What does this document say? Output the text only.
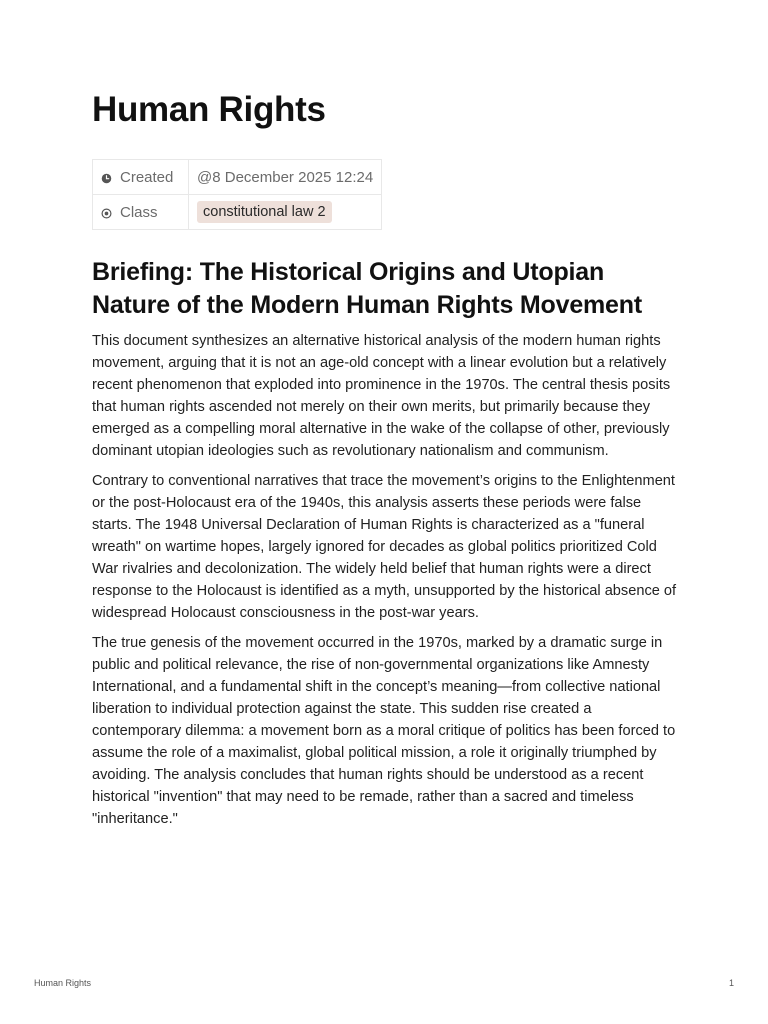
Human Rights
Created	@8 December 2025 12:24
Class	constitutional law 2
Briefing: The Historical Origins and Utopian Nature of the Modern Human Rights Movement

This document synthesizes an alternative historical analysis of the modern human rights movement, arguing that it is not an age-old concept with a linear evolution but a relatively recent phenomenon that exploded into prominence in the 1970s. The central thesis posits that human rights ascended not merely on their own merits, but primarily because they emerged as a compelling moral alternative in the wake of the collapse of other, previously dominant utopian ideologies such as revolutionary nationalism and communism.

Contrary to conventional narratives that trace the movement’s origins to the Enlightenment or the post-Holocaust era of the 1940s, this analysis asserts these periods were false starts. The 1948 Universal Declaration of Human Rights is characterized as a "funeral wreath" on wartime hopes, largely ignored for decades as global politics prioritized Cold War rivalries and decolonization. The widely held belief that human rights were a direct response to the Holocaust is identified as a myth, unsupported by the historical absence of widespread Holocaust consciousness in the post-war years.

The true genesis of the movement occurred in the 1970s, marked by a dramatic surge in public and political relevance, the rise of non-governmental organizations like Amnesty International, and a fundamental shift in the concept’s meaning—from collective national liberation to individual protection against the state. This sudden rise created a contemporary dilemma: a movement born as a moral critique of politics has been forced to assume the role of a maximalist, global political mission, a role it originally triumphed by avoiding. The analysis concludes that human rights should be understood as a recent historical "invention" that may need to be remade, rather than a sacred and timeless "inheritance."

Human Rights	1
